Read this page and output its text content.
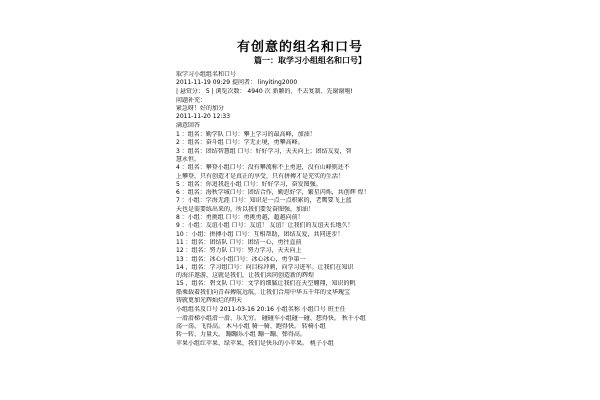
有创意的组名和口号
篇一：取学习小组组名和口号】
取学习小组组名和口号
2011-11-19 09:29 提问者： linyiting2000
| 悬赏分： 5 | 浏览次数： 4940 次 新颖的、不去复制、先谢谢啦!
问题补充：
紧急呀！好的加分
2011-11-20 12:33
满意回答
1 ：组名：勤学队 口号：攀上学习的最高峰，加油！
2 ：组名：奋斗组 口号：学无止境，勇攀高峰。
3 ：组名：团结智慧组 口号：好好学习，天天向上；团结友爱，智
慧永恒。
4 ：组名：攀登小组口号：没有攀流称不上勇进，没有山峰则还不
上攀登，只有创造才是真正的享受，只有拼搏才是充实的生活！
5 ：组名：你追我赶小组 口号：好好学习，奋发图强。
6 ：组名：海秋学城口号：团结合作，勤思好学，繁星闪烁，共创辉 煌！
7 ：小组：学海无涯 口号：知识是一点一点积累的，老鹰要飞上蓝
天也是需要练出来的，所以我们要发奋图强，加油！
8 ：小组：勇挑组 口号：勇挑勇越，超越向前！
9 ：小组：友谊小组 口号：友谊！ 友谊！让我们的友谊天长地久！
10 ：小组：拼搏小组 口号：互相帮助，团结友爱，共同进步！
11 ：组名：团结队 口号：团结一心，勇往直前
12 ：组名：努力队 口号：努力学习，天天向上
13 ：组名：冰心小组口号：冰心冰心，勇争第一
14 ，组名：学习组口号：向目标冲刺，向学习进军。让我们在知识
的海洋遨游，这就是我们，让我们共同创造新的辉煌
15 ，组名：碧文队 口号：文学的细腻让我们在天空翱翔，知识的帆
船乘载着我们向青春搏航远航，让我们合用中华五千年的文华瑰宝
铸就更加光辉灿烂的明天
小组组名及口号 2011-03-16 20:16 小组名称 小组口号 班主任
一滑滑梯小组滑一滑、乐无穷。 碰碰车小组碰一碰、想得快。 秋千小组
荡一荡、飞得高。 木马小组 骑一骑、跑得快。 转椅小组
转一转、力量大。 蹦蹦乐小组 蹦一蹦、弹得高。
苹果小组红苹果、绿苹果，我们是快乐的小苹果。 桃子小组
